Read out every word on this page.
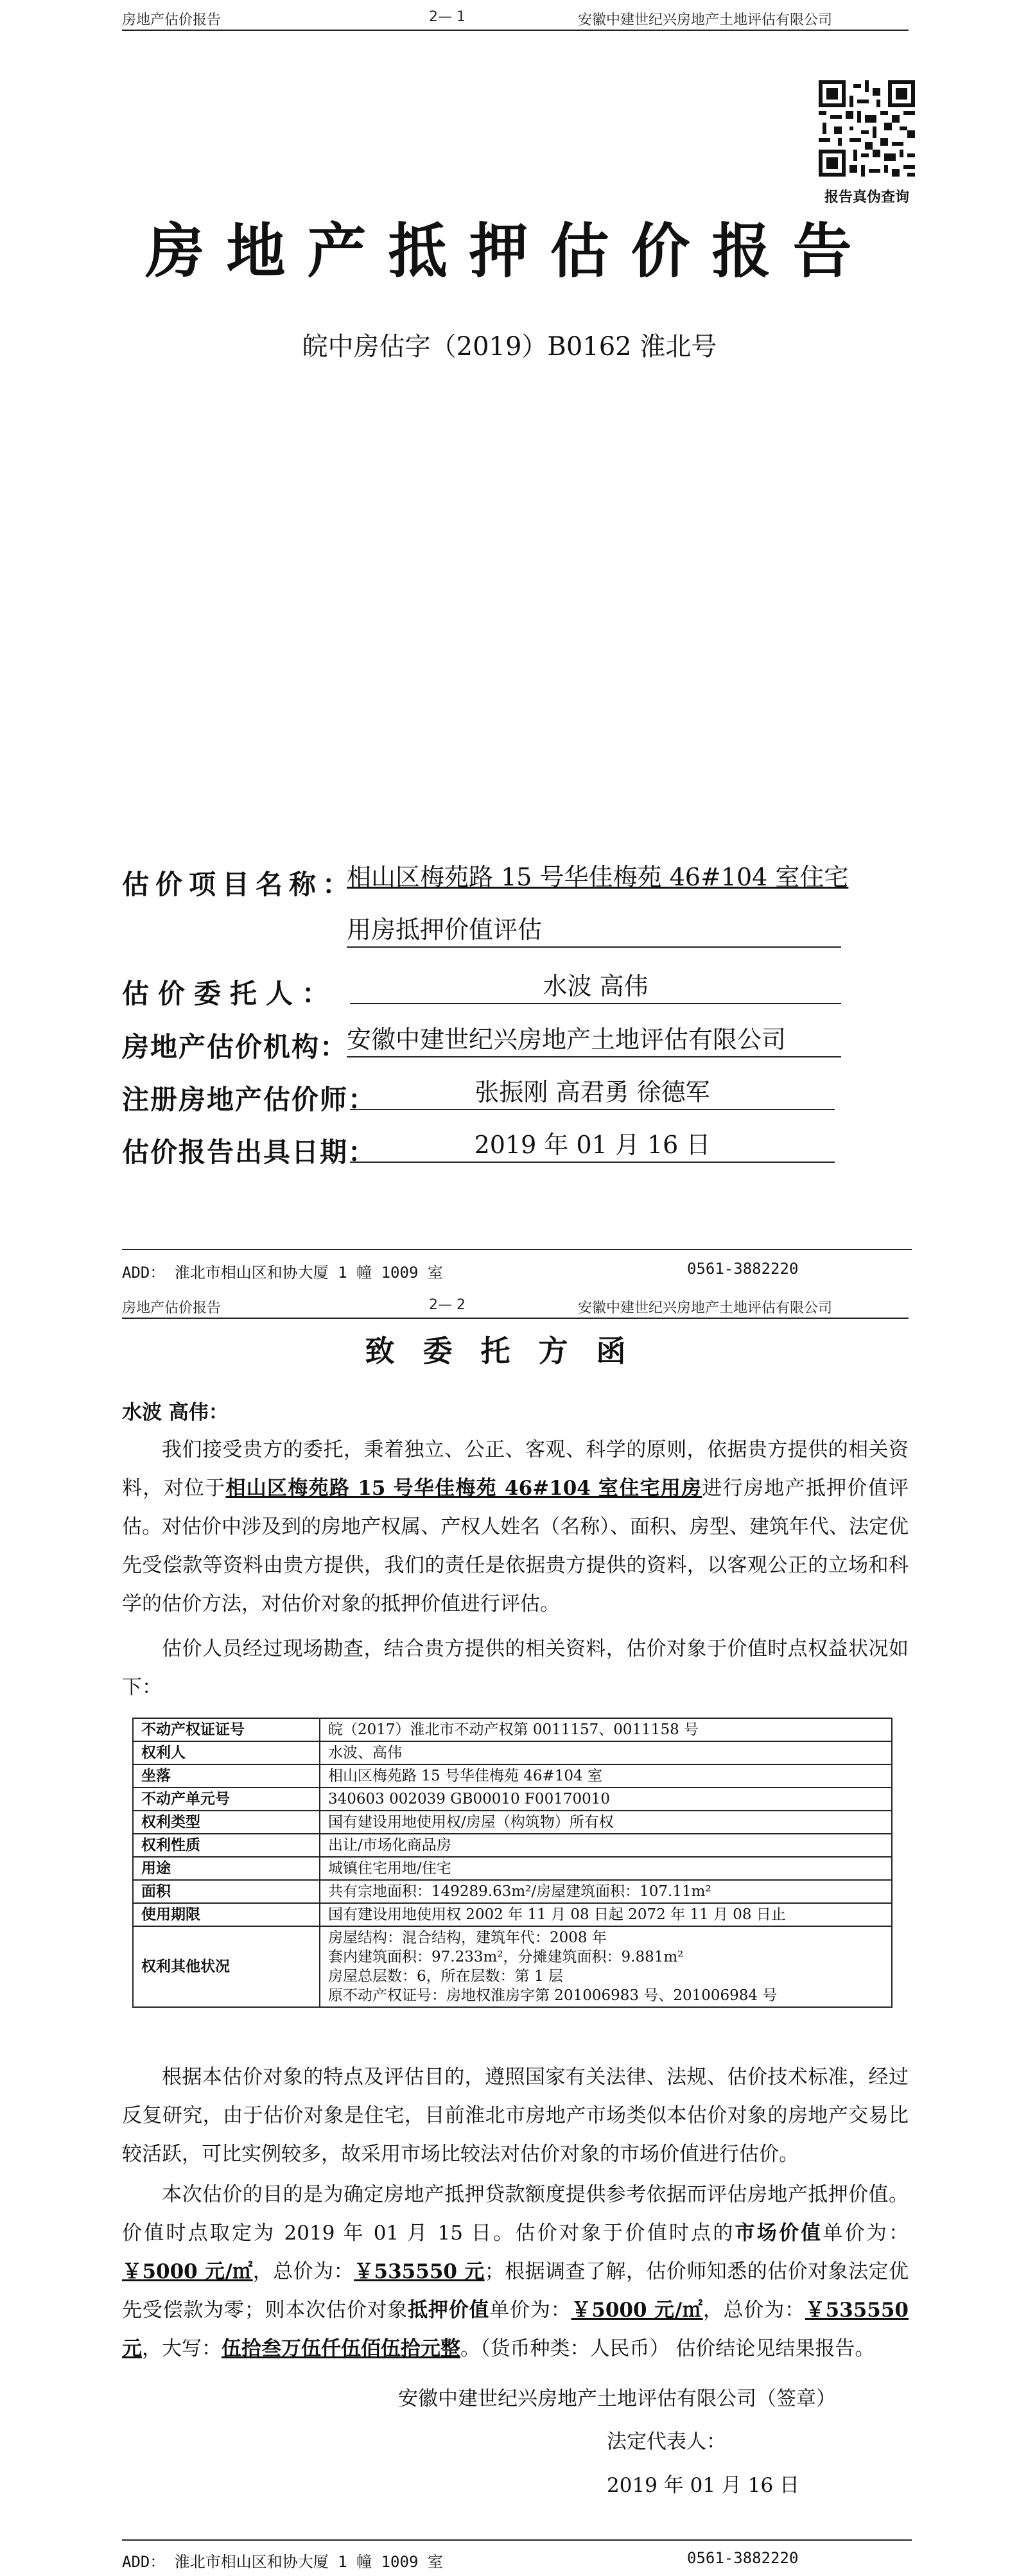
房地产估价报告	2— 1	安徽中建世纪兴房地产土地评估有限公司
报告真伪查询
房地产抵押估价报告
皖中房估字（2019）B0162 淮北号
估价项目名称：
相山区梅苑路 15 号华佳梅苑 46#104 室住宅
用房抵押价值评估
估价委托人：	水波 高伟
房地产估价机构：
安徽中建世纪兴房地产土地评估有限公司
注册房地产估价师：	张振刚 高君勇 徐德军
估价报告出具日期：	2019 年 01 月 16 日
ADD： 淮北市相山区和协大厦 1 幢 1009 室	0561-3882220
房地产估价报告	2— 2	安徽中建世纪兴房地产土地评估有限公司
致委托方函
水波 高伟：
我们接受贵方的委托，秉着独立、公正、客观、科学的原则，依据贵方提供的相关资料，对位于相山区梅苑路 15 号华佳梅苑 46#104 室住宅用房进行房地产抵押价值评估。对估价中涉及到的房地产权属、产权人姓名（名称）、面积、房型、建筑年代、法定优先受偿款等资料由贵方提供，我们的责任是依据贵方提供的资料，以客观公正的立场和科学的估价方法，对估价对象的抵押价值进行评估。
估价人员经过现场勘查，结合贵方提供的相关资料，估价对象于价值时点权益状况如下：
不动产权证证号	皖（2017）淮北市不动产权第 0011157、0011158 号
权利人	水波、高伟
坐落	相山区梅苑路 15 号华佳梅苑 46#104 室
不动产单元号	340603 002039 GB00010 F00170010
权利类型	国有建设用地使用权/房屋（构筑物）所有权
权利性质	出让/市场化商品房
用途	城镇住宅用地/住宅
面积	共有宗地面积：149289.63m²/房屋建筑面积：107.11m²
使用期限	国有建设用地使用权 2002 年 11 月 08 日起 2072 年 11 月 08 日止
权利其他状况	房屋结构：混合结构，建筑年代：2008 年
套内建筑面积：97.233m²，分摊建筑面积：9.881m²
房屋总层数：6，所在层数：第 1 层
原不动产权证号：房地权淮房字第 201006983 号、201006984 号
根据本估价对象的特点及评估目的，遵照国家有关法律、法规、估价技术标准，经过反复研究，由于估价对象是住宅，目前淮北市房地产市场类似本估价对象的房地产交易比较活跃，可比实例较多，故采用市场比较法对估价对象的市场价值进行估价。
本次估价的目的是为确定房地产抵押贷款额度提供参考依据而评估房地产抵押价值。价值时点取定为 2019 年 01 月 15 日。估价对象于价值时点的市场价值单价为：￥5000 元/㎡，总价为：￥535550 元；根据调查了解，估价师知悉的估价对象法定优先受偿款为零；则本次估价对象抵押价值单价为：￥5000 元/㎡，总价为：￥535550 元，大写：伍拾叁万伍仟伍佰伍拾元整。（货币种类：人民币） 估价结论见结果报告。
安徽中建世纪兴房地产土地评估有限公司（签章）
法定代表人：
2019 年 01 月 16 日
ADD： 淮北市相山区和协大厦 1 幢 1009 室	0561-3882220
